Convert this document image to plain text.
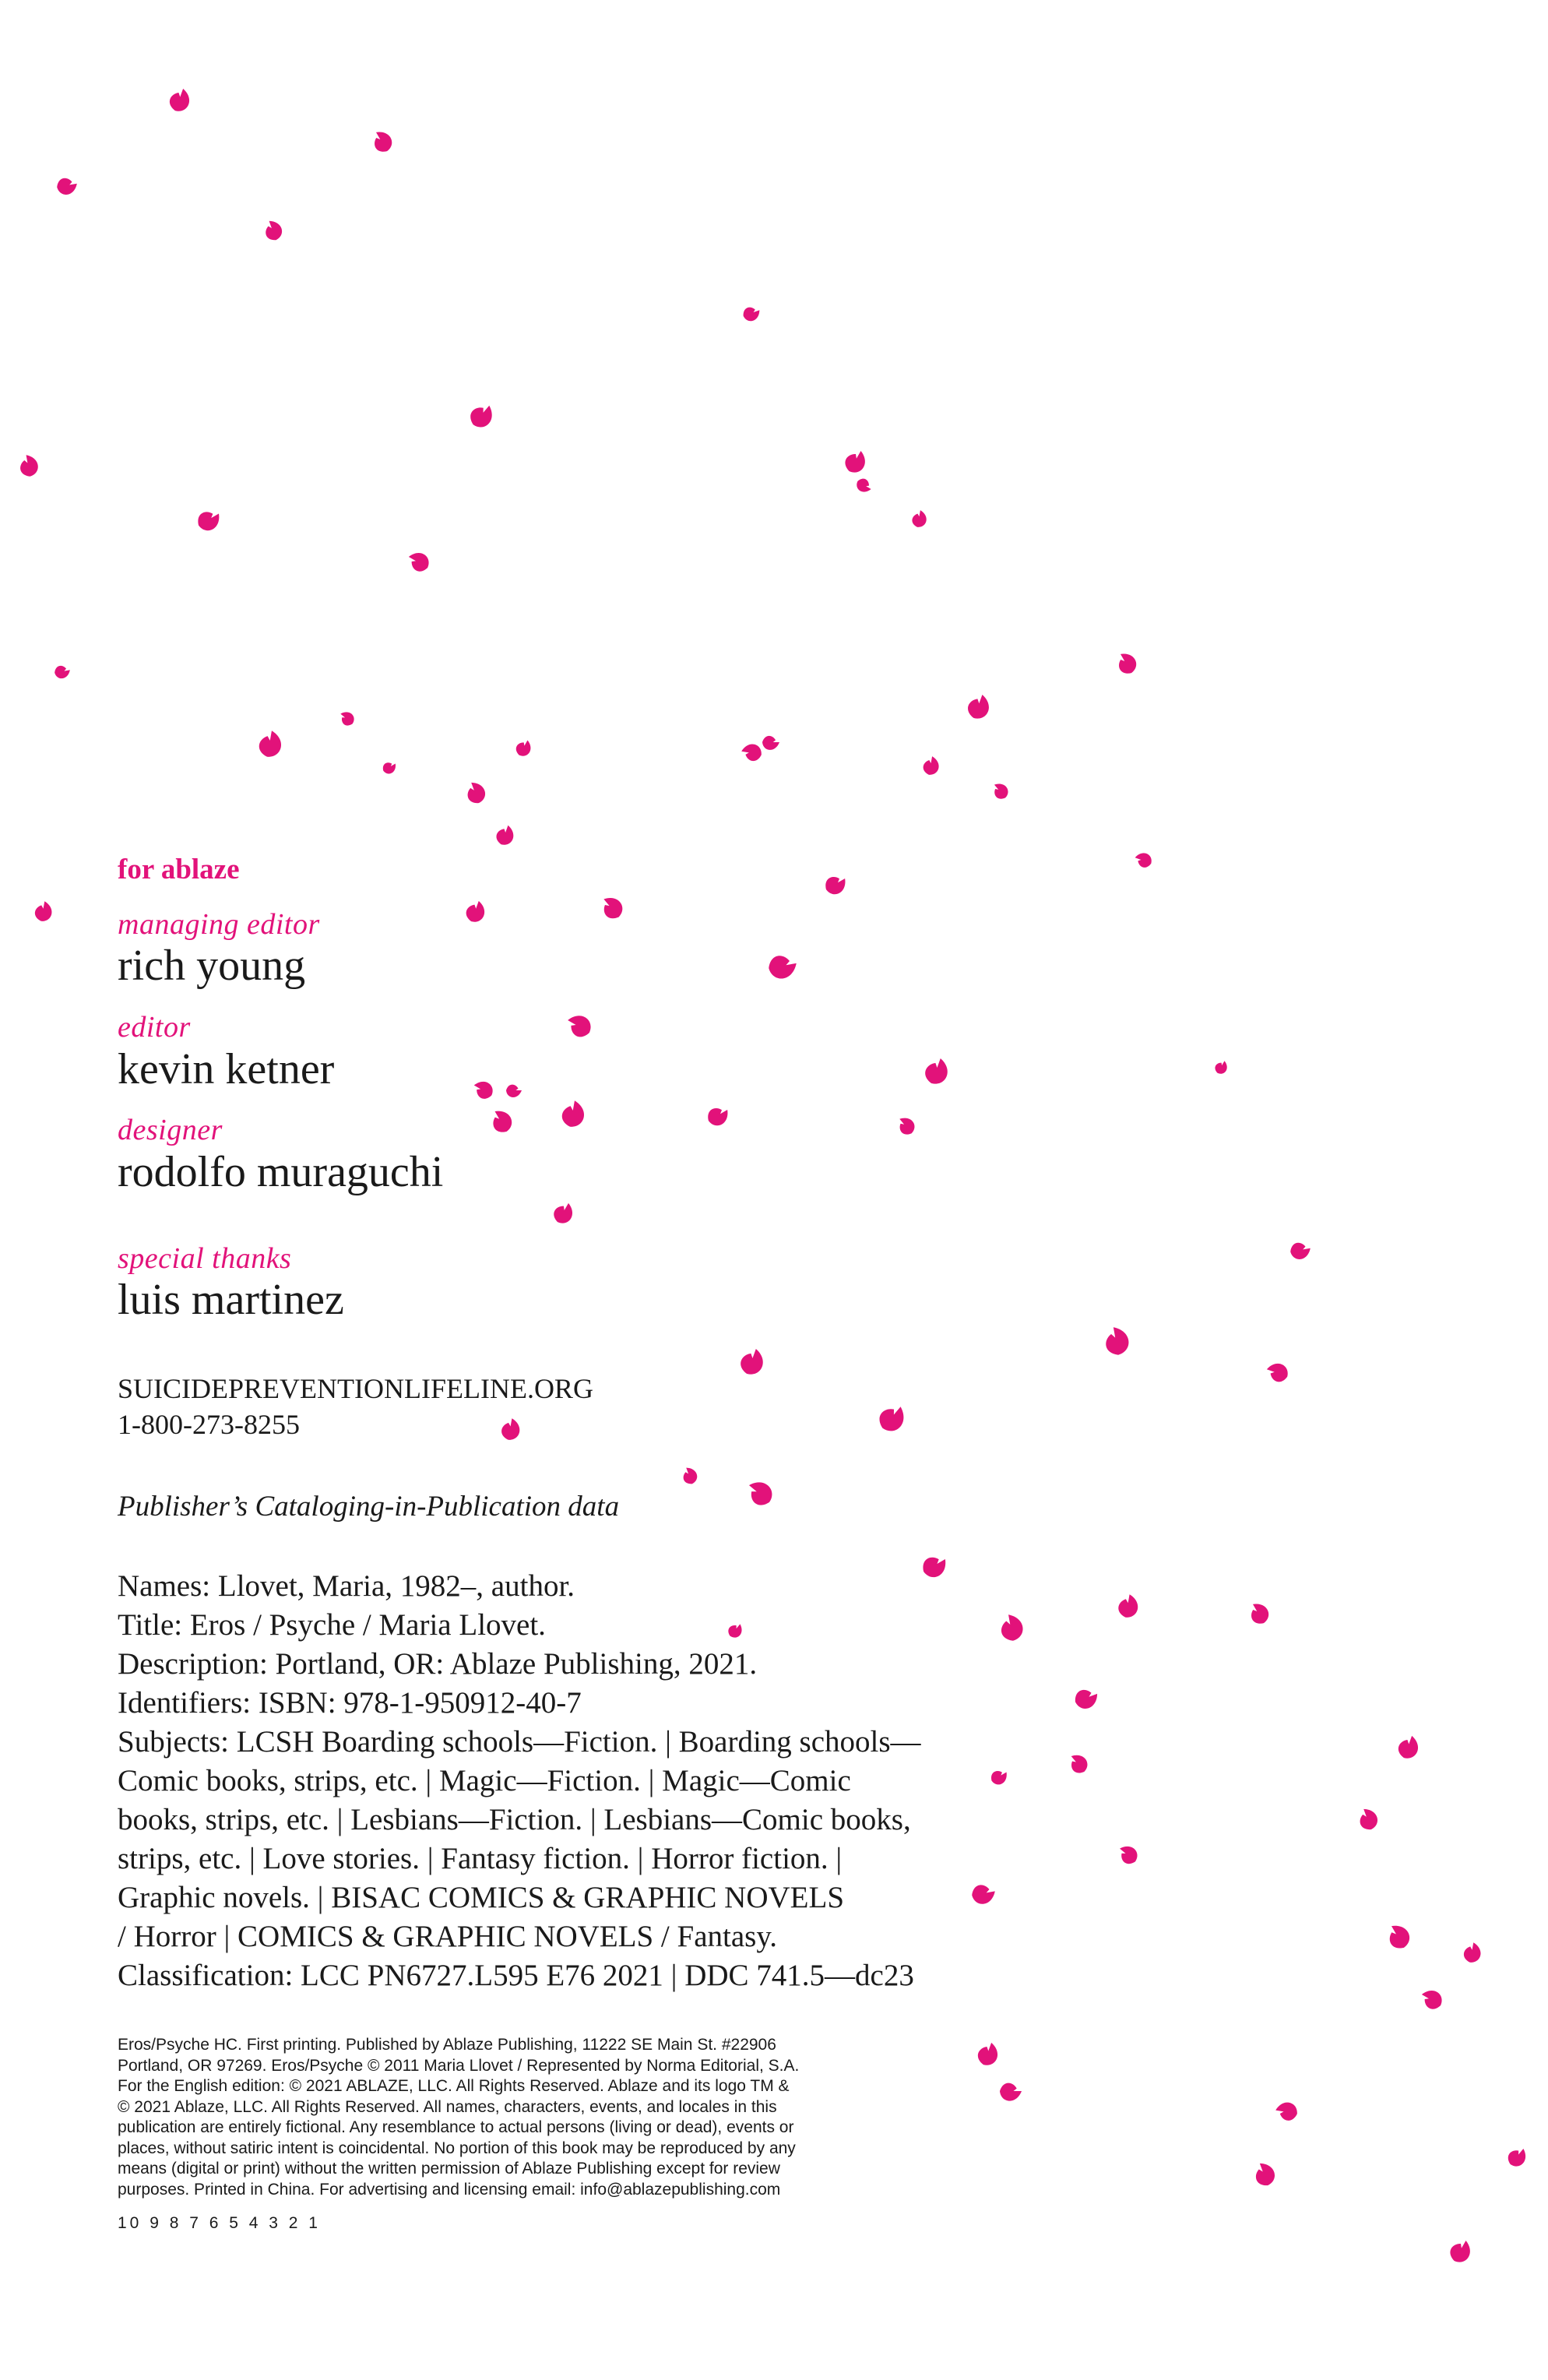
for ablaze
managing editor
rich young
editor
kevin ketner
designer
rodolfo muraguchi
special thanks
luis martinez
SUICIDEPREVENTIONLIFELINE.ORG
1-800-273-8255
Publisher’s Cataloging-in-Publication data
Names: Llovet, Maria, 1982–, author.
Title: Eros / Psyche / Maria Llovet.
Description: Portland, OR: Ablaze Publishing, 2021.
Identifiers: ISBN: 978-1-950912-40-7
Subjects: LCSH Boarding schools—Fiction. | Boarding schools—
Comic books, strips, etc. | Magic—Fiction. | Magic—Comic
books, strips, etc. | Lesbians—Fiction. | Lesbians—Comic books,
strips, etc. | Love stories. | Fantasy fiction. | Horror fiction. |
Graphic novels. | BISAC COMICS & GRAPHIC NOVELS
/ Horror | COMICS & GRAPHIC NOVELS / Fantasy.
Classification: LCC PN6727.L595 E76 2021 | DDC 741.5—dc23
Eros/Psyche HC. First printing. Published by Ablaze Publishing, 11222 SE Main St. #22906
Portland, OR 97269. Eros/Psyche © 2011 Maria Llovet / Represented by Norma Editorial, S.A.
For the English edition: © 2021 ABLAZE, LLC. All Rights Reserved. Ablaze and its logo TM &
© 2021 Ablaze, LLC. All Rights Reserved. All names, characters, events, and locales in this
publication are entirely fictional. Any resemblance to actual persons (living or dead), events or
places, without satiric intent is coincidental. No portion of this book may be reproduced by any
means (digital or print) without the written permission of Ablaze Publishing except for review
purposes. Printed in China. For advertising and licensing email: info@ablazepublishing.com
10 9 8 7 6 5 4 3 2 1
